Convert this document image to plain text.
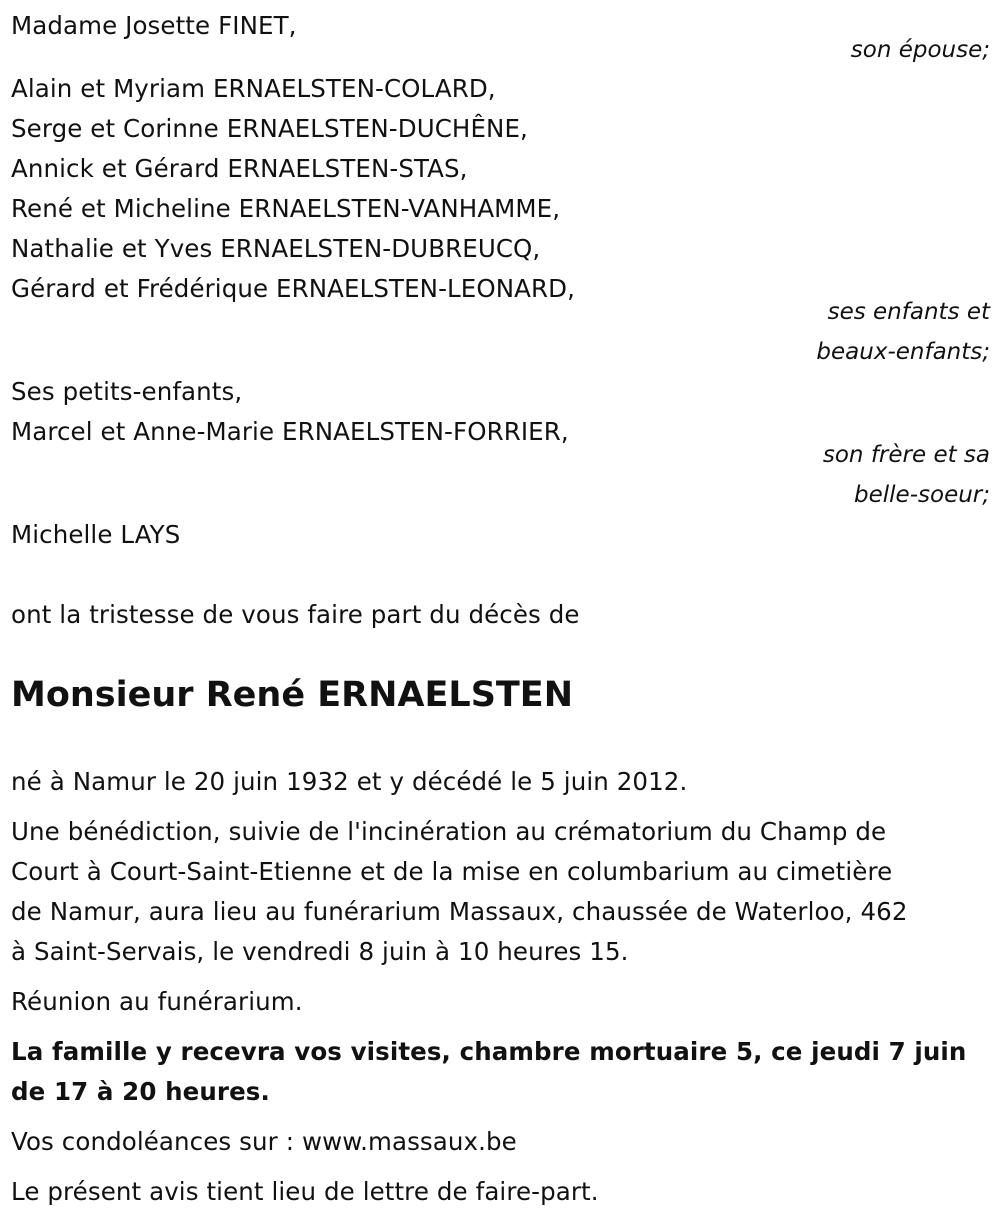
Madame Josette FINET,
son épouse;
Alain et Myriam ERNAELSTEN-COLARD,
Serge et Corinne ERNAELSTEN-DUCHÊNE,
Annick et Gérard ERNAELSTEN-STAS,
René et Micheline ERNAELSTEN-VANHAMME,
Nathalie et Yves ERNAELSTEN-DUBREUCQ,
Gérard et Frédérique ERNAELSTEN-LEONARD,
ses enfants et
beaux-enfants;
Ses petits-enfants,
Marcel et Anne-Marie ERNAELSTEN-FORRIER,
son frère et sa
belle-soeur;
Michelle LAYS
ont la tristesse de vous faire part du décès de
Monsieur René ERNAELSTEN
né à Namur le 20 juin 1932 et y décédé le 5 juin 2012.
Une bénédiction, suivie de l'incinération au crématorium du Champ de
Court à Court-Saint-Etienne et de la mise en columbarium au cimetière
de Namur, aura lieu au funérarium Massaux, chaussée de Waterloo, 462
à Saint-Servais, le vendredi 8 juin à 10 heures 15.
Réunion au funérarium.
La famille y recevra vos visites, chambre mortuaire 5, ce jeudi 7 juin
de 17 à 20 heures.
Vos condoléances sur : www.massaux.be
Le présent avis tient lieu de lettre de faire-part.
